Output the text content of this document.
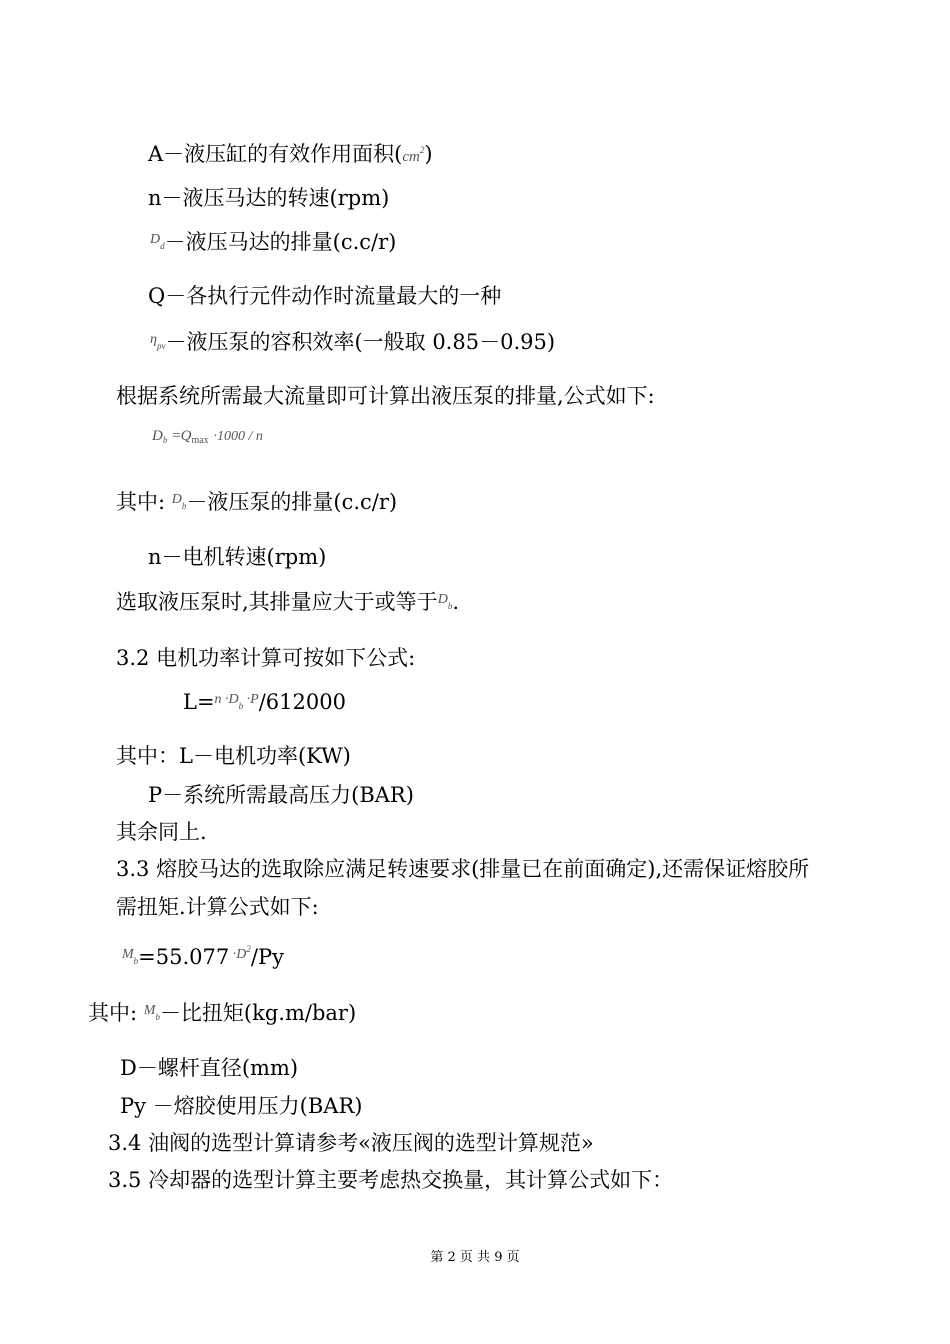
A－液压缸的有效作用面积$(cm^2)$
n－液压马达的转速(rpm)
$^D$d－液压马达的排量(c.c/r)
Q－各执行元件动作时流量最大的一种
$^\eta$pv－液压泵的容积效率(一般取 0.85－0.95)
根据系统所需最大流量即可计算出液压泵的排量,公式如下:
$D_b =Q_{max} \cdot 1000 / n$
其中: $^D$b－液压泵的排量(c.c/r)
n－电机转速(rpm)
选取液压泵时,其排量应大于或等于$^D$b.
3.2 电机功率计算可按如下公式:
L=$^{n \cdot D}$b $^{\cdot P}$/612000
其中：L－电机功率(KW)
P－系统所需最高压力(BAR)
其余同上.
3.3 熔胶马达的选取除应满足转速要求(排量已在前面确定),还需保证熔胶所
需扭矩.计算公式如下:
$^M$b=55.077 $^{\cdot D2}$/Py
其中: $^M$b－比扭矩(kg.m/bar)
D－螺杆直径(mm)
Py －熔胶使用压力(BAR)
3.4 油阀的选型计算请参考«液压阀的选型计算规范»
3.5 冷却器的选型计算主要考虑热交换量，其计算公式如下：
第 2 页 共 9 页
